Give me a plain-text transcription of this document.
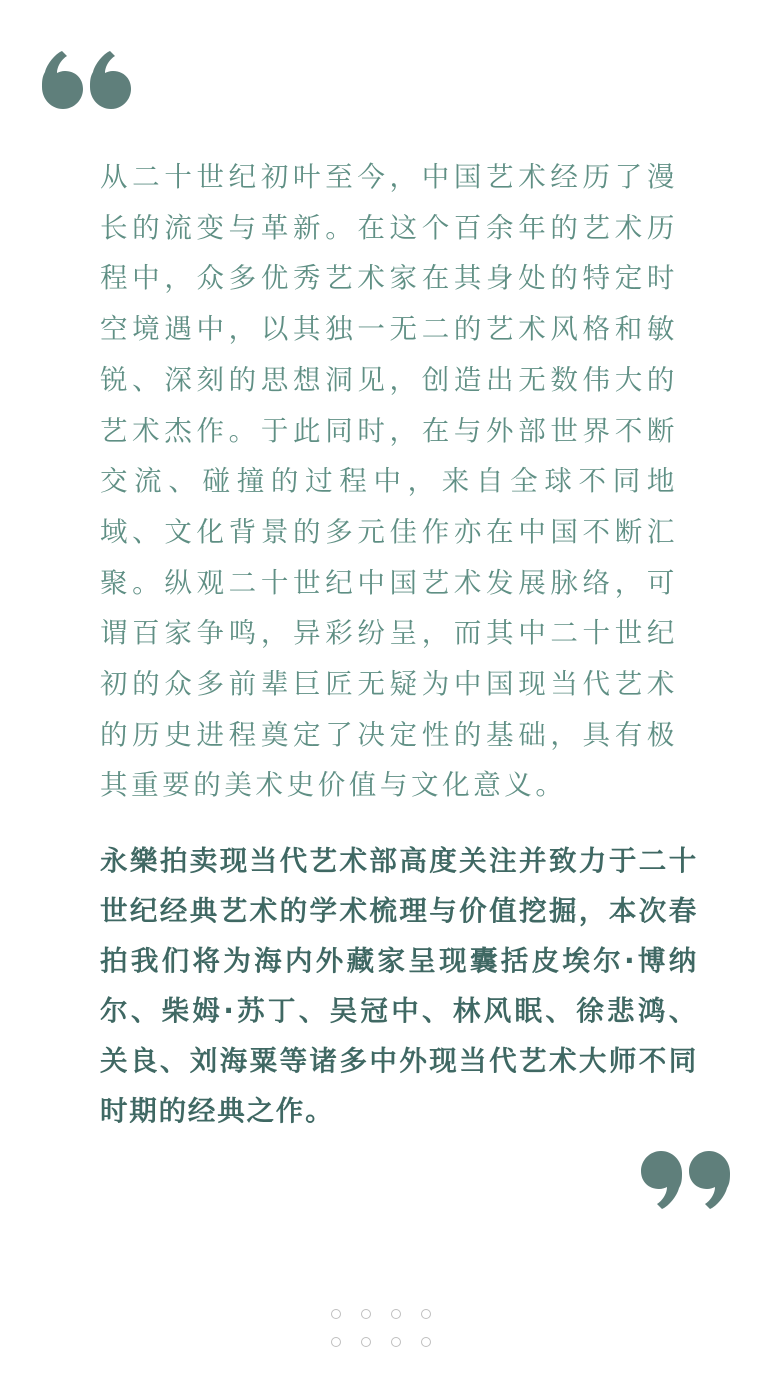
从二十世纪初叶至今，中国艺术经历了漫长的流变与革新。在这个百余年的艺术历程中，众多优秀艺术家在其身处的特定时空境遇中，以其独一无二的艺术风格和敏锐、深刻的思想洞见，创造出无数伟大的艺术杰作。于此同时，在与外部世界不断交流、碰撞的过程中，来自全球不同地域、文化背景的多元佳作亦在中国不断汇聚。纵观二十世纪中国艺术发展脉络，可谓百家争鸣，异彩纷呈，而其中二十世纪初的众多前辈巨匠无疑为中国现当代艺术的历史进程奠定了决定性的基础，具有极其重要的美术史价值与文化意义。

永樂拍卖现当代艺术部高度关注并致力于二十世纪经典艺术的学术梳理与价值挖掘，本次春拍我们将为海内外藏家呈现囊括皮埃尔·博纳尔、柴姆·苏丁、吴冠中、林风眠、徐悲鸿、关良、刘海粟等诸多中外现当代艺术大师不同时期的经典之作。
